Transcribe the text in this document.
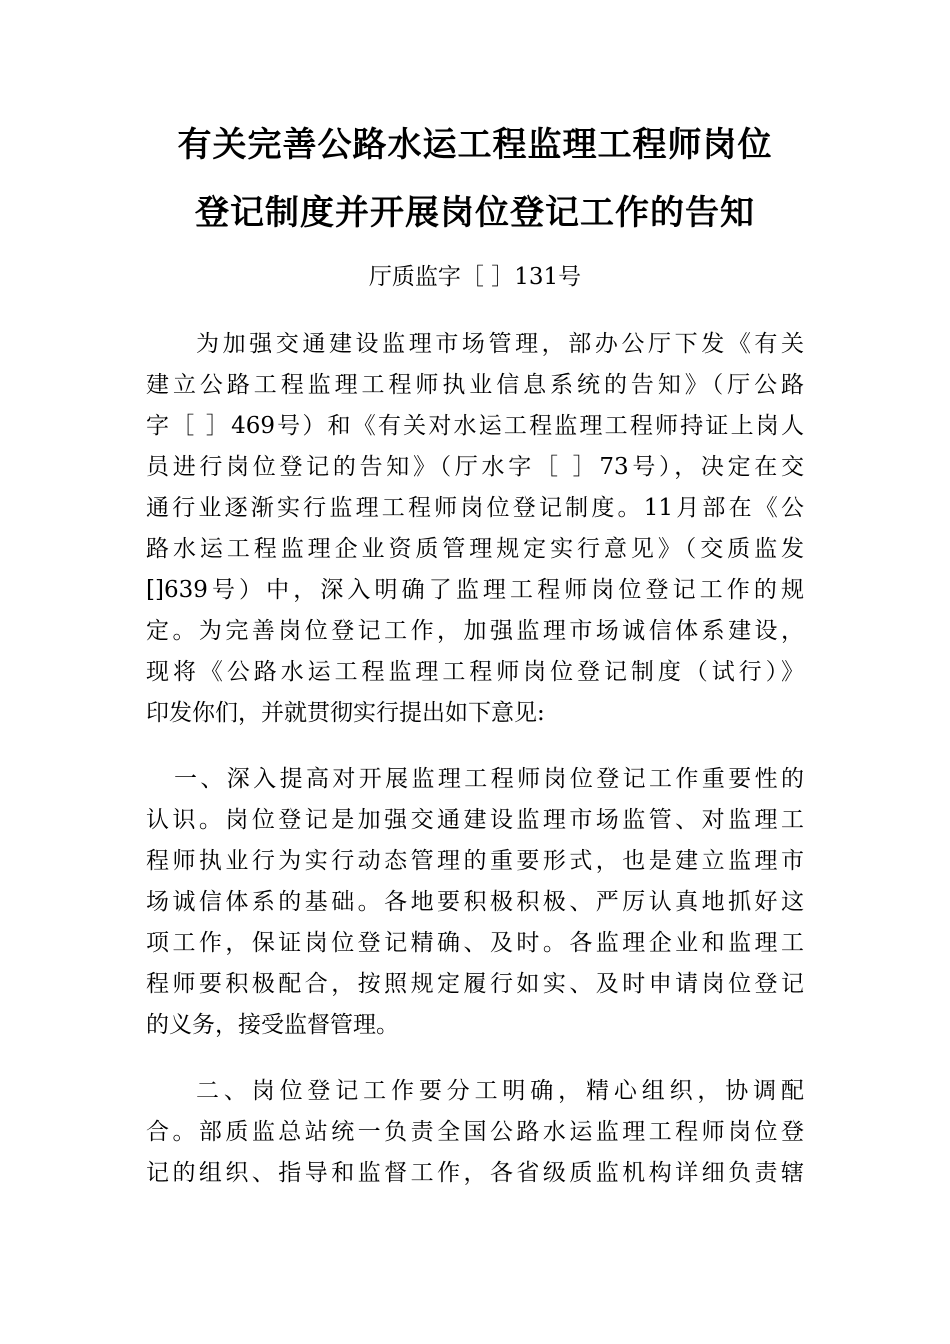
有关完善公路水运工程监理工程师岗位
登记制度并开展岗位登记工作的告知
厅质监字［ ］131号
为加强交通建设监理市场管理，部办公厅下发《有关
建立公路工程监理工程师执业信息系统的告知》（厅公路
字［ ］469号）和《有关对水运工程监理工程师持证上岗人
员进行岗位登记的告知》（厅水字［ ］73号），决定在交
通行业逐渐实行监理工程师岗位登记制度。11月部在《公
路水运工程监理企业资质管理规定实行意见》（交质监发
[]639号）中，深入明确了监理工程师岗位登记工作的规
定。为完善岗位登记工作，加强监理市场诚信体系建设，
现将《公路水运工程监理工程师岗位登记制度（试行）》
印发你们，并就贯彻实行提出如下意见:
一、深入提高对开展监理工程师岗位登记工作重要性的
认识。岗位登记是加强交通建设监理市场监管、对监理工
程师执业行为实行动态管理的重要形式，也是建立监理市
场诚信体系的基础。各地要积极积极、严厉认真地抓好这
项工作，保证岗位登记精确、及时。各监理企业和监理工
程师要积极配合，按照规定履行如实、及时申请岗位登记
的义务，接受监督管理。
二、岗位登记工作要分工明确，精心组织，协调配
合。部质监总站统一负责全国公路水运监理工程师岗位登
记的组织、指导和监督工作，各省级质监机构详细负责辖
